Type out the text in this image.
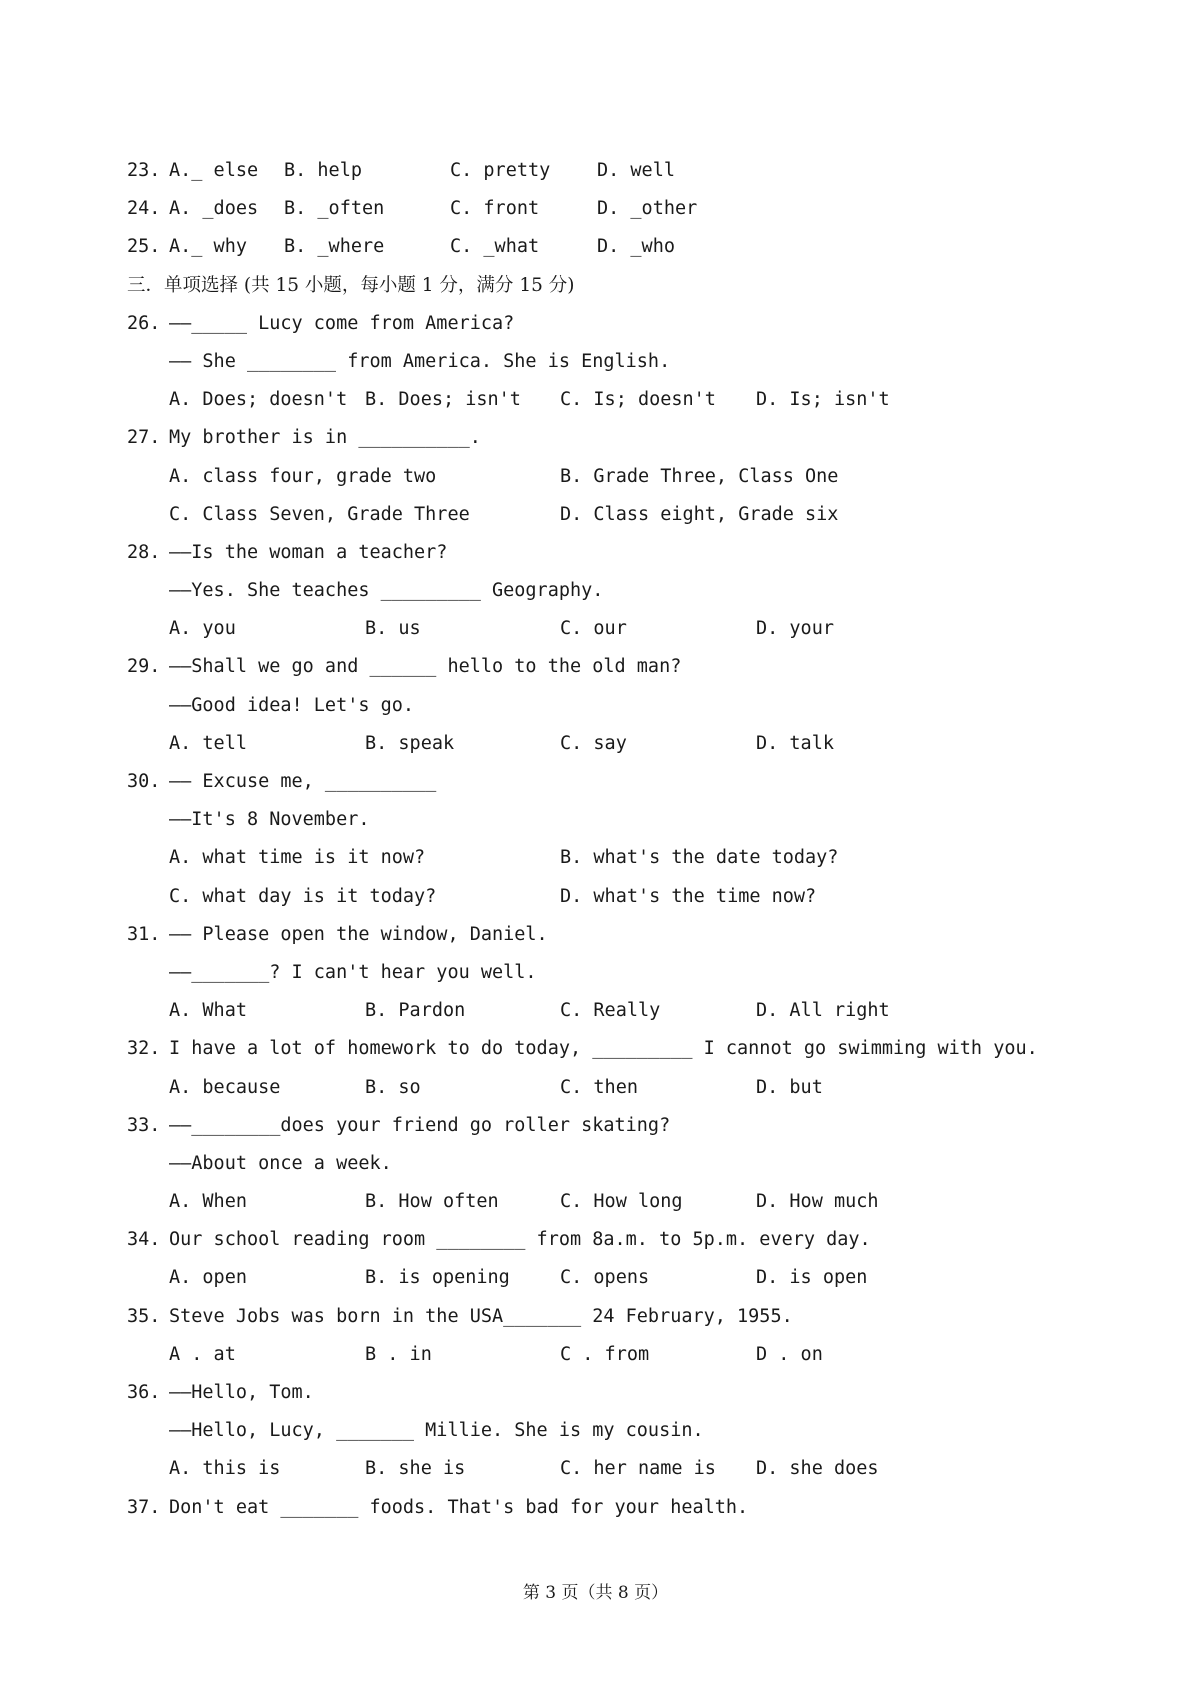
23. A._ else B. help	C. pretty	D. well
24. A. _does B. _often	C. front	D. _other
25. A._ why B. _where	C. _what	D. _who
三．单项选择 (共 15 小题，每小题 1 分，满分 15 分)
26. ——_____ Lucy come from America?
—— She ________ from America. She is English.
A. Does; doesn't B. Does; isn't C. Is; doesn't D. Is; isn't
27. My brother is in __________.
A. class four, grade two	B. Grade Three, Class One
C. Class Seven, Grade Three	D. Class eight, Grade six
28. ——Is the woman a teacher?
——Yes. She teaches _________ Geography.
A. you	B. us	C. our	D. your
29. ——Shall we go and ______ hello to the old man?
——Good idea! Let's go.
A. tell	B. speak	C. say	D. talk
30. —— Excuse me, __________
——It's 8 November.
A. what time is it now?	B. what's the date today?
C. what day is it today?	D. what's the time now?
31. —— Please open the window, Daniel.
——_______? I can't hear you well.
A. What	B. Pardon	C. Really	D. All right
32. I have a lot of homework to do today, _________ I cannot go swimming with you.
A. because	B. so	C. then	D. but
33. ——________does your friend go roller skating?
——About once a week.
A. When	B. How often	C. How long	D. How much
34. Our school reading room ________ from 8a.m. to 5p.m. every day.
A. open	B. is opening	C. opens	D. is open
35. Steve Jobs was born in the USA_______ 24 February, 1955.
A . at	B . in	C . from	D . on
36. ——Hello, Tom.
——Hello, Lucy, _______ Millie. She is my cousin.
A. this is	B. she is	C. her name is D. she does
37. Don't eat _______ foods. That's bad for your health.
第 3 页（共 8 页）
